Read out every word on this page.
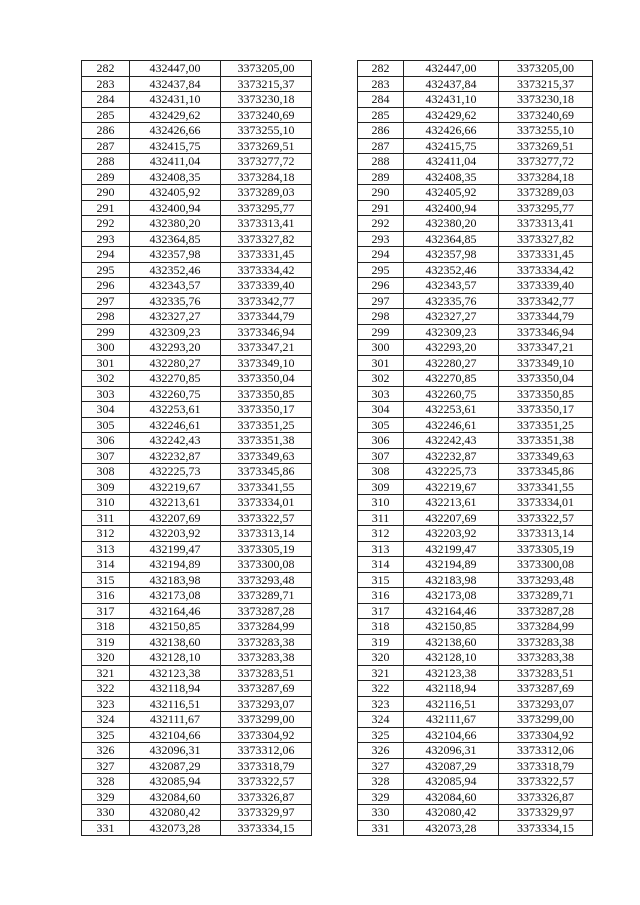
282	432447,00	3373205,00		282	432447,00	3373205,00
283	432437,84	3373215,37		283	432437,84	3373215,37
284	432431,10	3373230,18		284	432431,10	3373230,18
285	432429,62	3373240,69		285	432429,62	3373240,69
286	432426,66	3373255,10		286	432426,66	3373255,10
287	432415,75	3373269,51		287	432415,75	3373269,51
288	432411,04	3373277,72		288	432411,04	3373277,72
289	432408,35	3373284,18		289	432408,35	3373284,18
290	432405,92	3373289,03		290	432405,92	3373289,03
291	432400,94	3373295,77		291	432400,94	3373295,77
292	432380,20	3373313,41		292	432380,20	3373313,41
293	432364,85	3373327,82		293	432364,85	3373327,82
294	432357,98	3373331,45		294	432357,98	3373331,45
295	432352,46	3373334,42		295	432352,46	3373334,42
296	432343,57	3373339,40		296	432343,57	3373339,40
297	432335,76	3373342,77		297	432335,76	3373342,77
298	432327,27	3373344,79		298	432327,27	3373344,79
299	432309,23	3373346,94		299	432309,23	3373346,94
300	432293,20	3373347,21		300	432293,20	3373347,21
301	432280,27	3373349,10		301	432280,27	3373349,10
302	432270,85	3373350,04		302	432270,85	3373350,04
303	432260,75	3373350,85		303	432260,75	3373350,85
304	432253,61	3373350,17		304	432253,61	3373350,17
305	432246,61	3373351,25		305	432246,61	3373351,25
306	432242,43	3373351,38		306	432242,43	3373351,38
307	432232,87	3373349,63		307	432232,87	3373349,63
308	432225,73	3373345,86		308	432225,73	3373345,86
309	432219,67	3373341,55		309	432219,67	3373341,55
310	432213,61	3373334,01		310	432213,61	3373334,01
311	432207,69	3373322,57		311	432207,69	3373322,57
312	432203,92	3373313,14		312	432203,92	3373313,14
313	432199,47	3373305,19		313	432199,47	3373305,19
314	432194,89	3373300,08		314	432194,89	3373300,08
315	432183,98	3373293,48		315	432183,98	3373293,48
316	432173,08	3373289,71		316	432173,08	3373289,71
317	432164,46	3373287,28		317	432164,46	3373287,28
318	432150,85	3373284,99		318	432150,85	3373284,99
319	432138,60	3373283,38		319	432138,60	3373283,38
320	432128,10	3373283,38		320	432128,10	3373283,38
321	432123,38	3373283,51		321	432123,38	3373283,51
322	432118,94	3373287,69		322	432118,94	3373287,69
323	432116,51	3373293,07		323	432116,51	3373293,07
324	432111,67	3373299,00		324	432111,67	3373299,00
325	432104,66	3373304,92		325	432104,66	3373304,92
326	432096,31	3373312,06		326	432096,31	3373312,06
327	432087,29	3373318,79		327	432087,29	3373318,79
328	432085,94	3373322,57		328	432085,94	3373322,57
329	432084,60	3373326,87		329	432084,60	3373326,87
330	432080,42	3373329,97		330	432080,42	3373329,97
331	432073,28	3373334,15		331	432073,28	3373334,15
